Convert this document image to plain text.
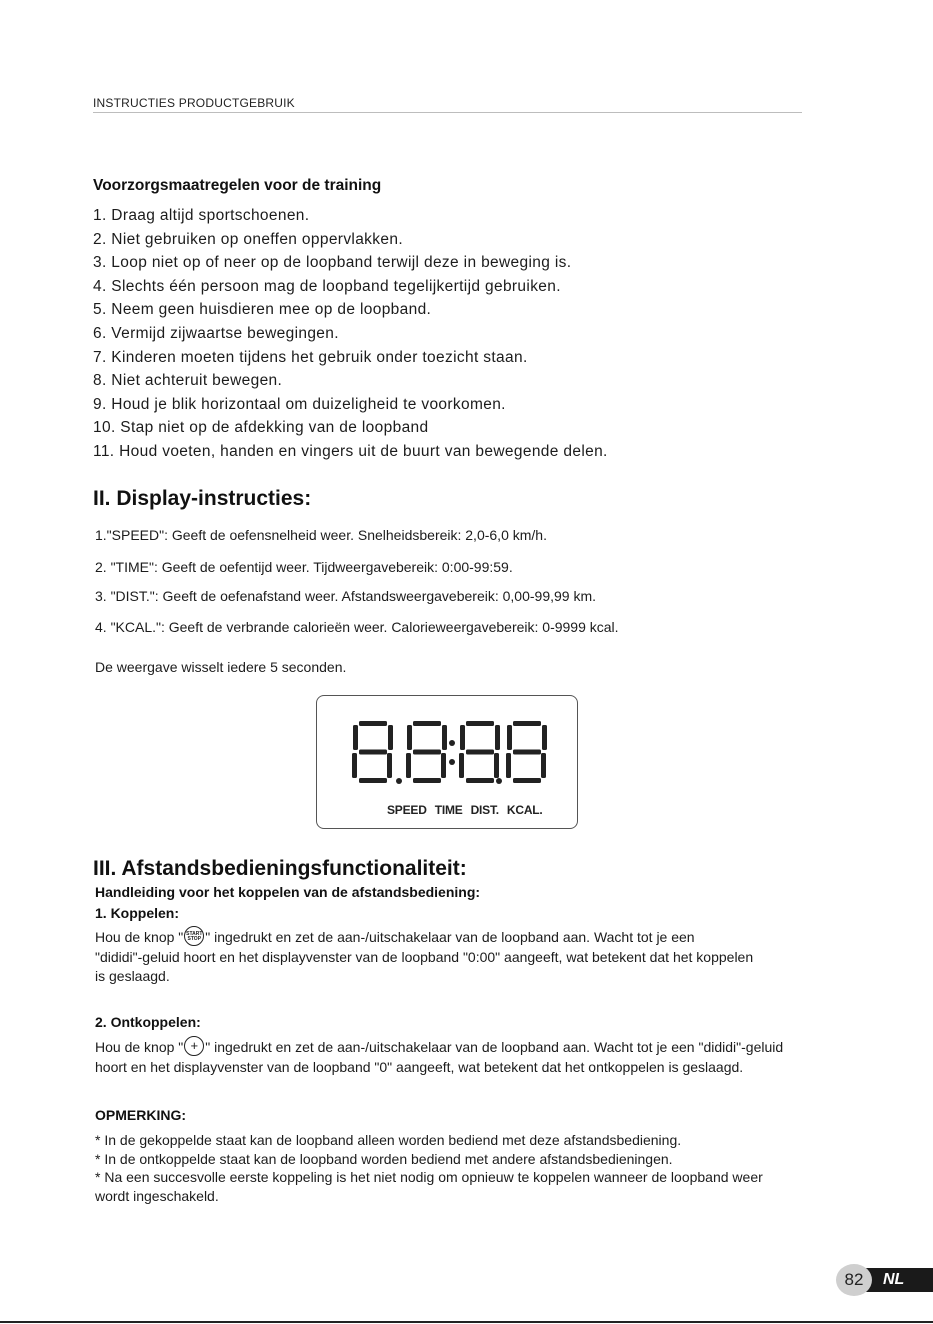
INSTRUCTIES PRODUCTGEBRUIK
Voorzorgsmaatregelen voor de training
1. Draag altijd sportschoenen.
2. Niet gebruiken op oneffen oppervlakken.
3. Loop niet op of neer op de loopband terwijl deze in beweging is.
4. Slechts één persoon mag de loopband tegelijkertijd gebruiken.
5. Neem geen huisdieren mee op de loopband.
6. Vermijd zijwaartse bewegingen.
7. Kinderen moeten tijdens het gebruik onder toezicht staan.
8. Niet achteruit bewegen.
9. Houd je blik horizontaal om duizeligheid te voorkomen.
10. Stap niet op de afdekking van de loopband
11. Houd voeten, handen en vingers uit de buurt van bewegende delen.
II. Display-instructies:
1."SPEED": Geeft de oefensnelheid weer. Snelheidsbereik: 2,0-6,0 km/h.
2. "TIME": Geeft de oefentijd weer. Tijdweergavebereik: 0:00-99:59.
3. "DIST.": Geeft de oefenafstand weer. Afstandsweergavebereik: 0,00-99,99 km.
4. "KCAL.": Geeft de verbrande calorieën weer. Calorieweergavebereik: 0-9999 kcal.
De weergave wisselt iedere 5 seconden.
SPEED TIME DIST. KCAL.
III. Afstandsbedieningsfunctionaliteit:
Handleiding voor het koppelen van de afstandsbediening:
1. Koppelen:
Hou de knop " START
STOP " ingedrukt en zet de aan-/uitschakelaar van de loopband aan. Wacht tot je een
"dididi"-geluid hoort en het displayvenster van de loopband "0:00" aangeeft, wat betekent dat het koppelen
is geslaagd.
2. Ontkoppelen:
Hou de knop " + " ingedrukt en zet de aan-/uitschakelaar van de loopband aan. Wacht tot je een "dididi"-geluid
hoort en het displayvenster van de loopband "0" aangeeft, wat betekent dat het ontkoppelen is geslaagd.
OPMERKING:
* In de gekoppelde staat kan de loopband alleen worden bediend met deze afstandsbediening.
* In de ontkoppelde staat kan de loopband worden bediend met andere afstandsbedieningen.
* Na een succesvolle eerste koppeling is het niet nodig om opnieuw te koppelen wanneer de loopband weer
wordt ingeschakeld.
82	NL
